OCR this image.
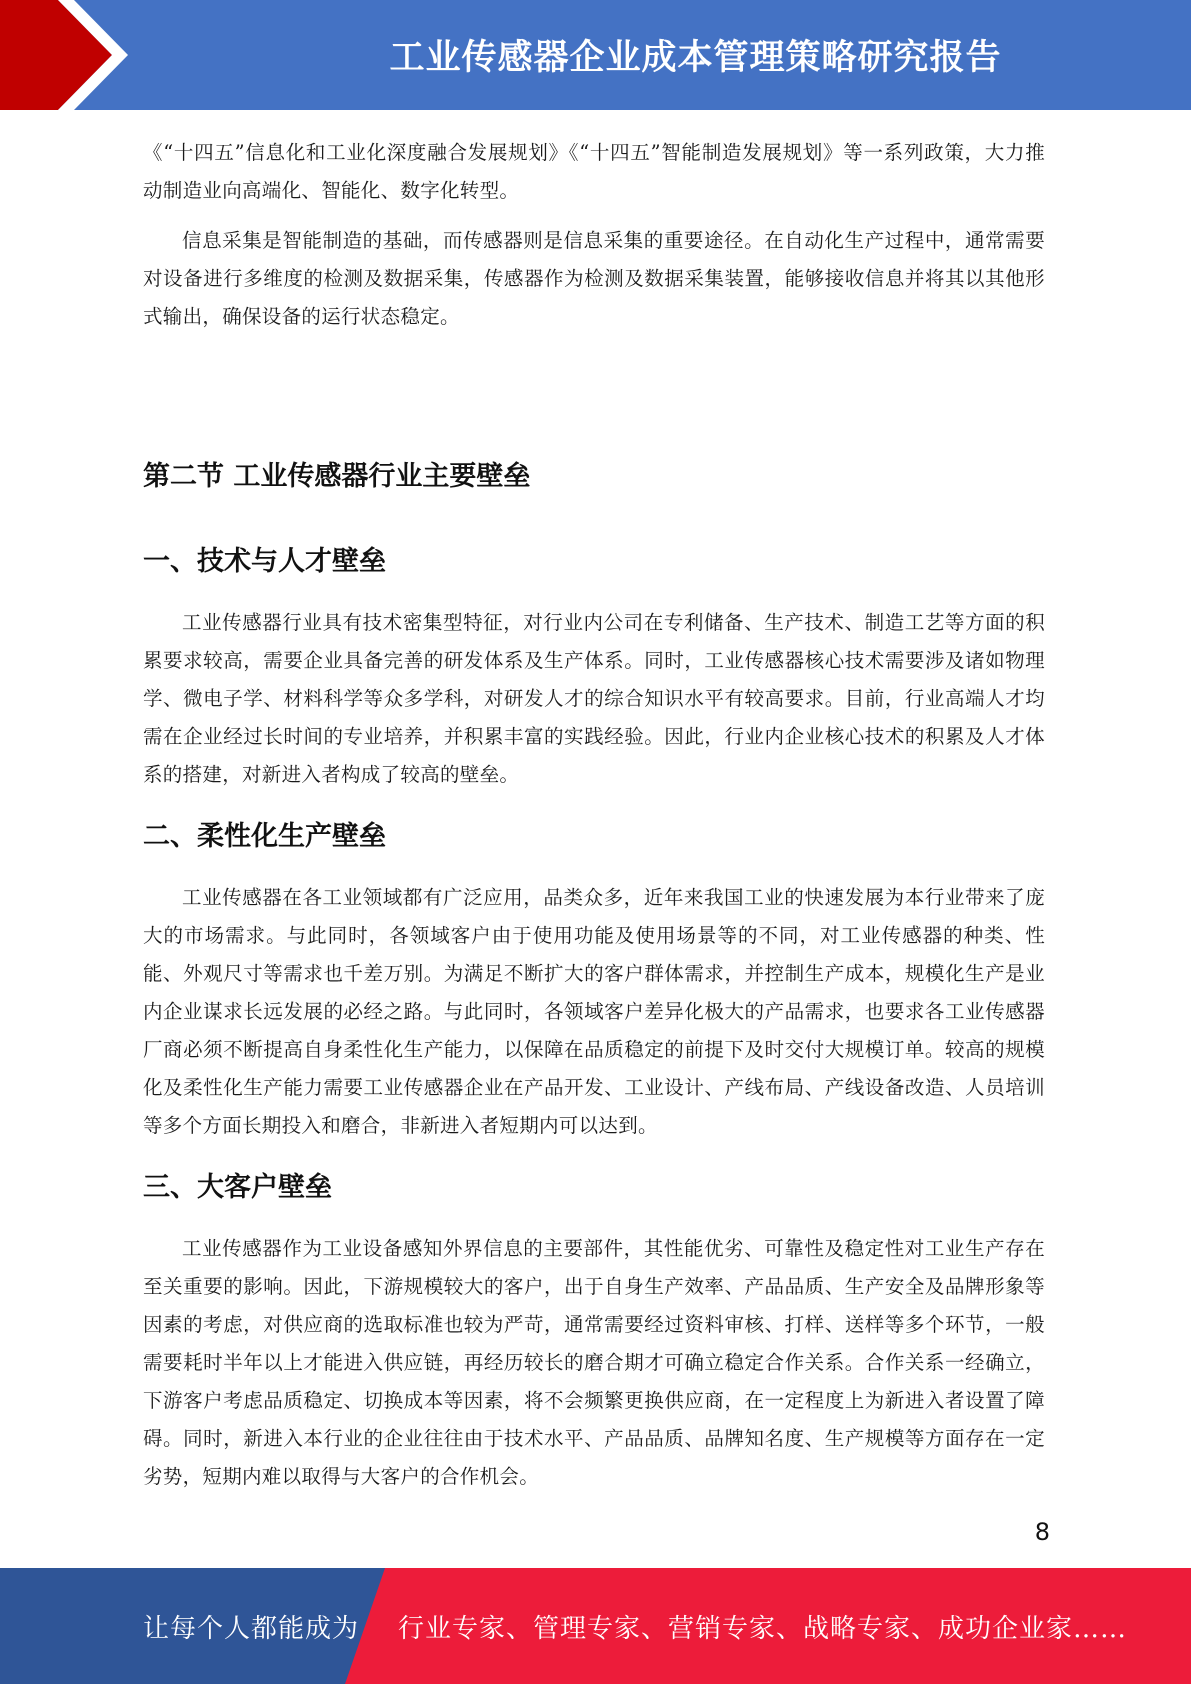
工业传感器企业成本管理策略研究报告

《“十四五”信息化和工业化深度融合发展规划》《“十四五”智能制造发展规划》等一系列政策，大力推动制造业向高端化、智能化、数字化转型。

信息采集是智能制造的基础，而传感器则是信息采集的重要途径。在自动化生产过程中，通常需要对设备进行多维度的检测及数据采集，传感器作为检测及数据采集装置，能够接收信息并将其以其他形式输出，确保设备的运行状态稳定。

第二节 工业传感器行业主要壁垒
一、技术与人才壁垒

工业传感器行业具有技术密集型特征，对行业内公司在专利储备、生产技术、制造工艺等方面的积累要求较高，需要企业具备完善的研发体系及生产体系。同时，工业传感器核心技术需要涉及诸如物理学、微电子学、材料科学等众多学科，对研发人才的综合知识水平有较高要求。目前，行业高端人才均需在企业经过长时间的专业培养，并积累丰富的实践经验。因此，行业内企业核心技术的积累及人才体系的搭建，对新进入者构成了较高的壁垒。

二、柔性化生产壁垒

工业传感器在各工业领域都有广泛应用，品类众多，近年来我国工业的快速发展为本行业带来了庞大的市场需求。与此同时，各领域客户由于使用功能及使用场景等的不同，对工业传感器的种类、性能、外观尺寸等需求也千差万别。为满足不断扩大的客户群体需求，并控制生产成本，规模化生产是业内企业谋求长远发展的必经之路。与此同时，各领域客户差异化极大的产品需求，也要求各工业传感器厂商必须不断提高自身柔性化生产能力，以保障在品质稳定的前提下及时交付大规模订单。较高的规模化及柔性化生产能力需要工业传感器企业在产品开发、工业设计、产线布局、产线设备改造、人员培训等多个方面长期投入和磨合，非新进入者短期内可以达到。

三、大客户壁垒

工业传感器作为工业设备感知外界信息的主要部件，其性能优劣、可靠性及稳定性对工业生产存在至关重要的影响。因此，下游规模较大的客户，出于自身生产效率、产品品质、生产安全及品牌形象等因素的考虑，对供应商的选取标准也较为严苛，通常需要经过资料审核、打样、送样等多个环节，一般需要耗时半年以上才能进入供应链，再经历较长的磨合期才可确立稳定合作关系。合作关系一经确立，下游客户考虑品质稳定、切换成本等因素，将不会频繁更换供应商，在一定程度上为新进入者设置了障碍。同时，新进入本行业的企业往往由于技术水平、产品品质、品牌知名度、生产规模等方面存在一定劣势，短期内难以取得与大客户的合作机会。

8
让每个人都能成为 行业专家、管理专家、营销专家、战略专家、成功企业家……
